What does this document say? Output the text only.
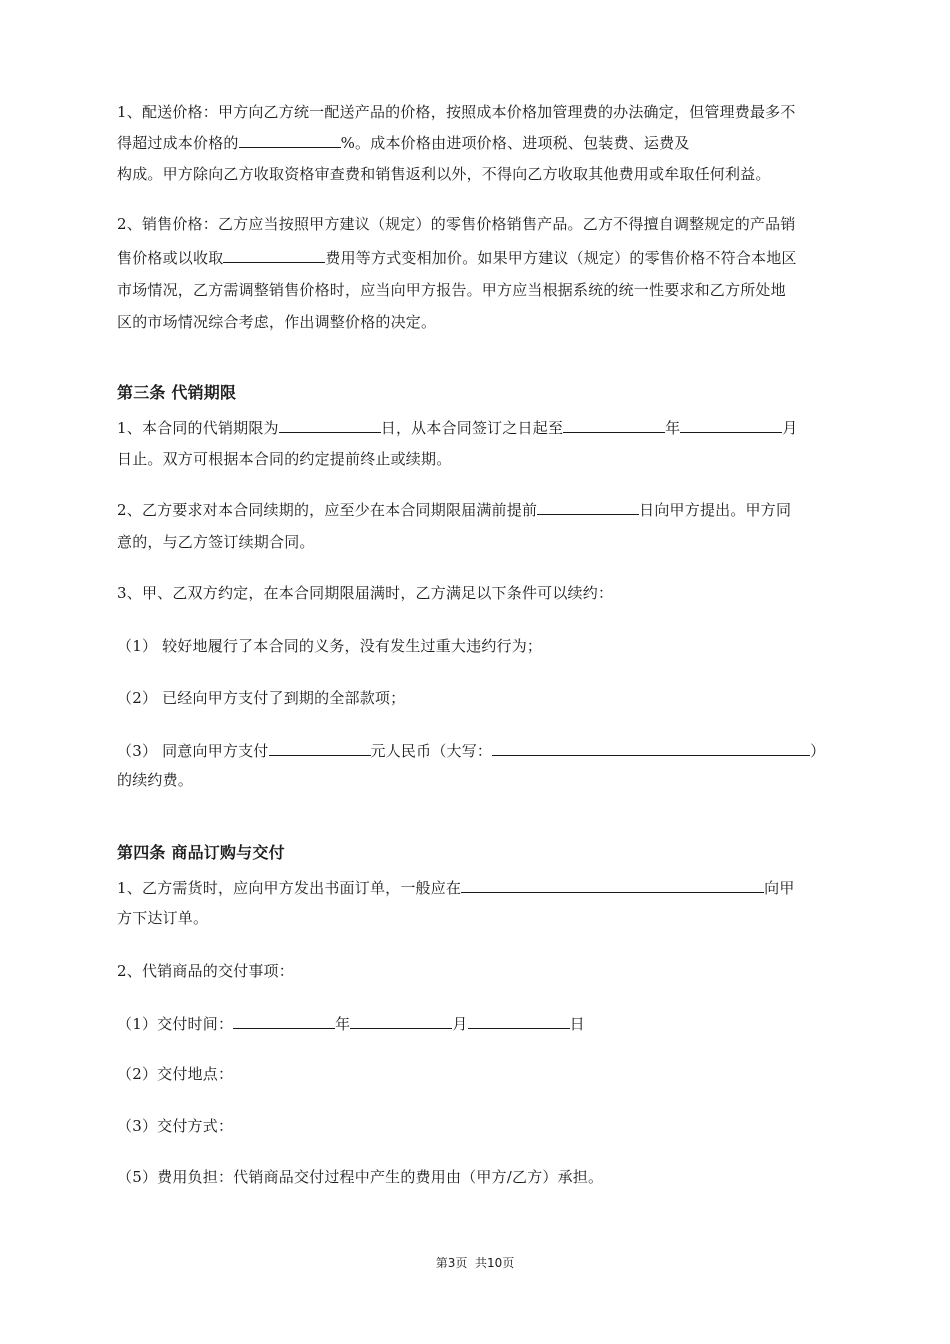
1、配送价格：甲方向乙方统一配送产品的价格，按照成本价格加管理费的办法确定，但管理费最多不
得超过成本价格的	%。成本价格由进项价格、进项税、包装费、运费及
构成。甲方除向乙方收取资格审查费和销售返利以外，不得向乙方收取其他费用或牟取任何利益。
2、销售价格：乙方应当按照甲方建议（规定）的零售价格销售产品。乙方不得擅自调整规定的产品销
售价格或以收取	费用等方式变相加价。如果甲方建议（规定）的零售价格不符合本地区
市场情况，乙方需调整销售价格时，应当向甲方报告。甲方应当根据系统的统一性要求和乙方所处地
区的市场情况综合考虑，作出调整价格的决定。
第三条 代销期限
1、本合同的代销期限为	日，从本合同签订之日起至	年	月
日止。双方可根据本合同的约定提前终止或续期。
2、乙方要求对本合同续期的，应至少在本合同期限届满前提前	日向甲方提出。甲方同
意的，与乙方签订续期合同。
3、甲、乙双方约定，在本合同期限届满时，乙方满足以下条件可以续约：
（1） 较好地履行了本合同的义务，没有发生过重大违约行为；
（2） 已经向甲方支付了到期的全部款项；
（3） 同意向甲方支付	元人民币（大写：	）
的续约费。
第四条 商品订购与交付
1、乙方需货时，应向甲方发出书面订单，一般应在	向甲
方下达订单。
2、代销商品的交付事项：
（1）交付时间：	年	月	日
（2）交付地点：
（3）交付方式：
（5）费用负担：代销商品交付过程中产生的费用由（甲方/乙方）承担。
第3页 共10页
